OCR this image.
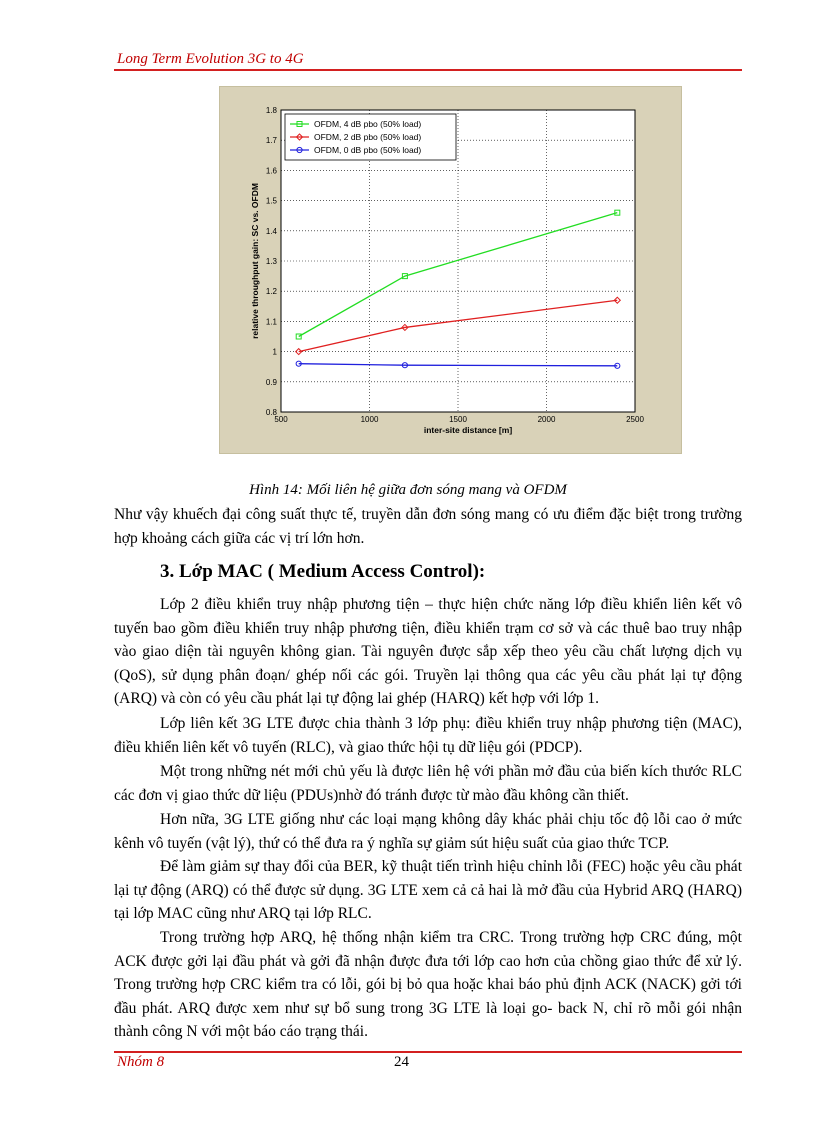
Long Term Evolution 3G to 4G
500	1000	1500	2000	2500
0.8
0.9
1
1.1
1.2
1.3
1.4
1.5
1.6
1.7
1.8
inter-site distance [m]
relative throughput gain: SC vs. OFDM
OFDM, 4 dB pbo (50% load)
OFDM, 2 dB pbo (50% load)
OFDM, 0 dB pbo (50% load)
Hình 14: Mối liên hệ giữa đơn sóng mang và OFDM
Như vậy khuếch đại công suất thực tế, truyền dẫn đơn sóng mang có ưu điểm đặc biệt trong trường hợp khoảng cách giữa các vị trí lớn hơn.
3. Lớp MAC ( Medium Access Control):
Lớp 2 điều khiển truy nhập phương tiện – thực hiện chức năng lớp điều khiển liên kết vô tuyến bao gồm điều khiển truy nhập phương tiện, điều khiển trạm cơ sở và các thuê bao truy nhập vào giao diện tài nguyên không gian. Tài nguyên được sắp xếp theo yêu cầu chất lượng dịch vụ (QoS), sử dụng phân đoạn/ ghép nối các gói. Truyền lại thông qua các yêu cầu phát lại tự động (ARQ) và còn có yêu cầu phát lại tự động lai ghép (HARQ) kết hợp với lớp 1.
Lớp liên kết 3G LTE được chia thành 3 lớp phụ: điều khiển truy nhập phương tiện (MAC), điều khiển liên kết vô tuyến (RLC), và giao thức hội tụ dữ liệu gói (PDCP).
Một trong những nét mới chủ yếu là được liên hệ với phần mở đầu của biến kích thước RLC các đơn vị giao thức dữ liệu (PDUs)nhờ đó tránh được từ mào đầu không cần thiết.
Hơn nữa, 3G LTE giống như các loại mạng không dây khác phải chịu tốc độ lỗi cao ở mức kênh vô tuyến (vật lý), thứ có thể đưa ra ý nghĩa sự giảm sút hiệu suất của giao thức TCP.
Để làm giảm sự thay đổi của BER, kỹ thuật tiến trình hiệu chỉnh lỗi (FEC) hoặc yêu cầu phát lại tự động (ARQ) có thể được sử dụng. 3G LTE xem cả cả hai là mở đầu của Hybrid ARQ (HARQ) tại lớp MAC cũng như ARQ tại lớp RLC.
Trong trường hợp ARQ, hệ thống nhận kiểm tra CRC. Trong trường hợp CRC đúng, một ACK được gởi lại đầu phát và gởi đã nhận được đưa tới lớp cao hơn của chồng giao thức để xử lý. Trong trường hợp CRC kiểm tra có lỗi, gói bị bỏ qua hoặc khai báo phủ định ACK (NACK) gởi tới đầu phát. ARQ được xem như sự bổ sung trong 3G LTE là loại go- back N, chỉ rõ mỗi gói nhận thành công N với một báo cáo trạng thái.
Nhóm 8	24
